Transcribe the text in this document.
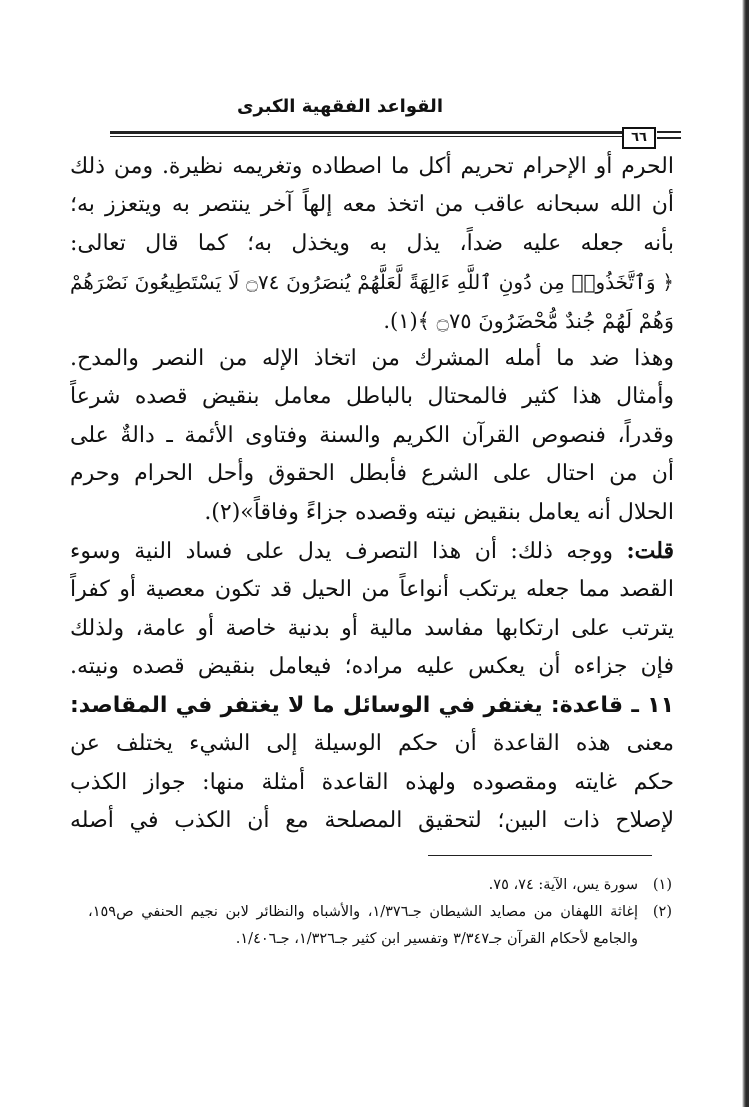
القواعد الفقهية الكبرى
٦٦
الحرم أو الإحرام تحريم أكل ما اصطاده وتغريمه نظيرة. ومن ذلك
أن الله سبحانه عاقب من اتخذ معه إلهاً آخر ينتصر به ويتعزز به؛
بأنه جعله عليه ضداً، يذل به ويخذل به؛ كما قال تعالى:
﴿ وَٱتَّخَذُوا۟ مِن دُونِ ٱللَّهِ ءَالِهَةً لَّعَلَّهُمْ يُنصَرُونَ ۝٧٤ لَا يَسْتَطِيعُونَ نَصْرَهُمْ
وَهُمْ لَهُمْ جُندٌ مُّحْضَرُونَ ۝٧٥ ﴾(١).
وهذا ضد ما أمله المشرك من اتخاذ الإله من النصر والمدح.
وأمثال هذا كثير فالمحتال بالباطل معامل بنقيض قصده شرعاً
وقدراً، فنصوص القرآن الكريم والسنة وفتاوى الأئمة ـ دالةٌ على
أن من احتال على الشرع فأبطل الحقوق وأحل الحرام وحرم
الحلال أنه يعامل بنقيض نيته وقصده جزاءً وفاقاً»(٢).
قلت: ووجه ذلك: أن هذا التصرف يدل على فساد النية وسوء
القصد مما جعله يرتكب أنواعاً من الحيل قد تكون معصية أو كفراً
يترتب على ارتكابها مفاسد مالية أو بدنية خاصة أو عامة، ولذلك
فإن جزاءه أن يعكس عليه مراده؛ فيعامل بنقيض قصده ونيته.
١١ ـ قاعدة: يغتفر في الوسائل ما لا يغتفر في المقاصد:
معنى هذه القاعدة أن حكم الوسيلة إلى الشيء يختلف عن
حكم غايته ومقصوده ولهذه القاعدة أمثلة منها: جواز الكذب
لإصلاح ذات البين؛ لتحقيق المصلحة مع أن الكذب في أصله
(١)
سورة يس، الآية: ٧٤، ٧٥.
(٢)
إغاثة اللهفان من مصايد الشيطان جـ١/٣٧٦، والأشباه والنظائر لابن نجيم الحنفي ص١٥٩، والجامع لأحكام القرآن جـ٣/٣٤٧ وتفسير ابن كثير جـ١/٣٢٦، جـ١/٤٠٦.
